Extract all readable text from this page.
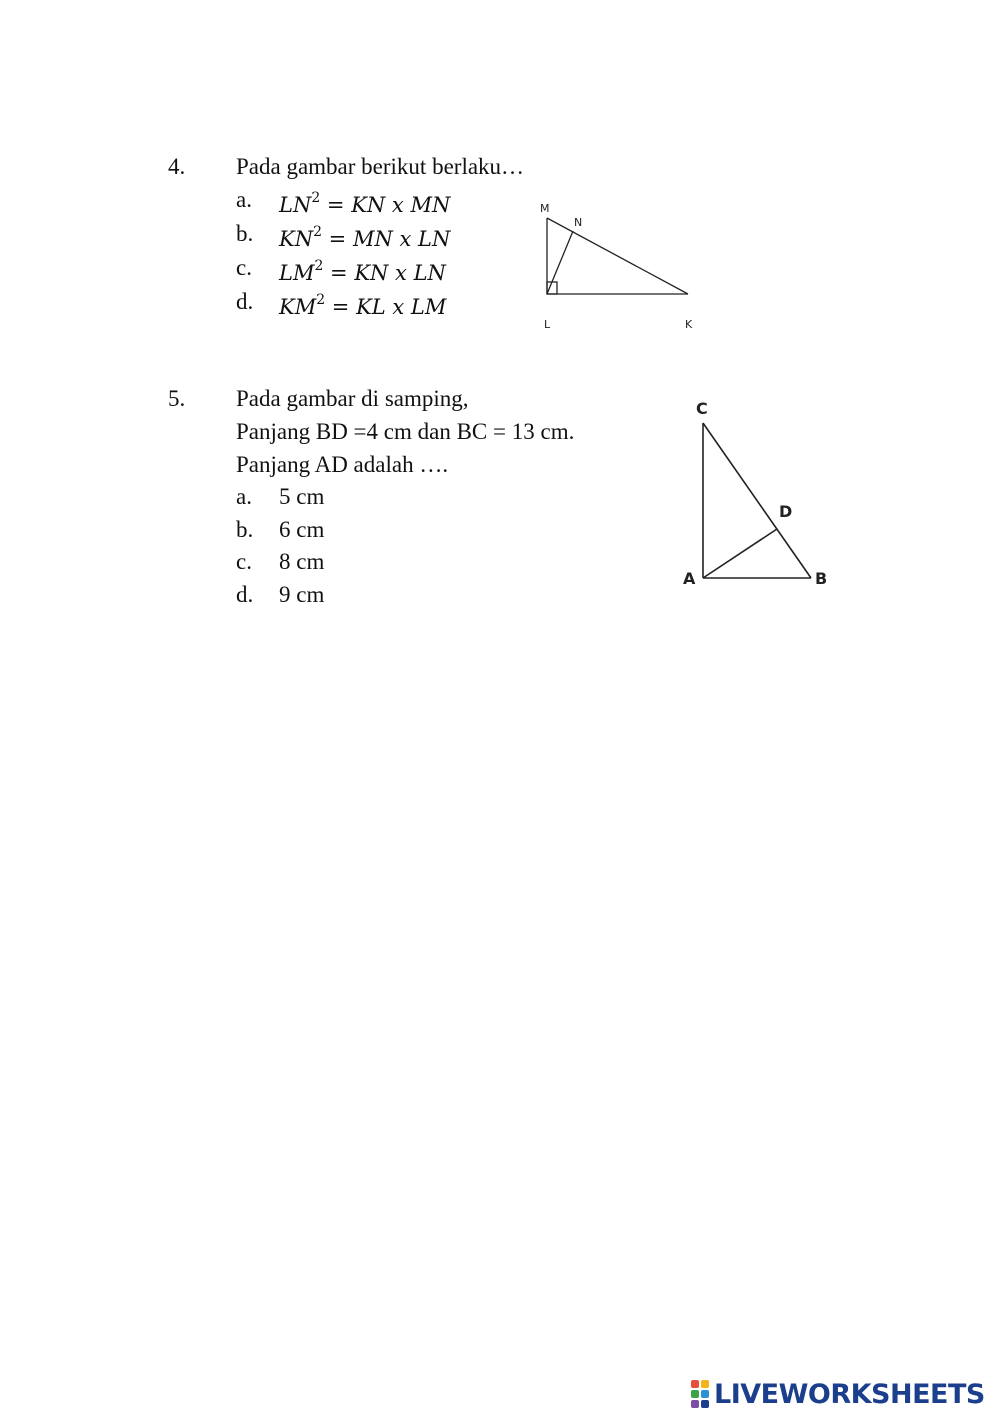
4. Pada gambar berikut berlaku…
a. $LN^2$ = KN x MN
b. $KN^2$ = MN x LN
c. $LM^2$ = KN x LN
d. $KM^2$ = KL x LM
M
N
L	K
5. Pada gambar di samping,
Panjang BD =4 cm dan BC = 13 cm.
Panjang AD adalah ….
a. 5 cm
b. 6 cm
c. 8 cm
d. 9 cm
C
D
A	B
LIVEWORKSHEETS
